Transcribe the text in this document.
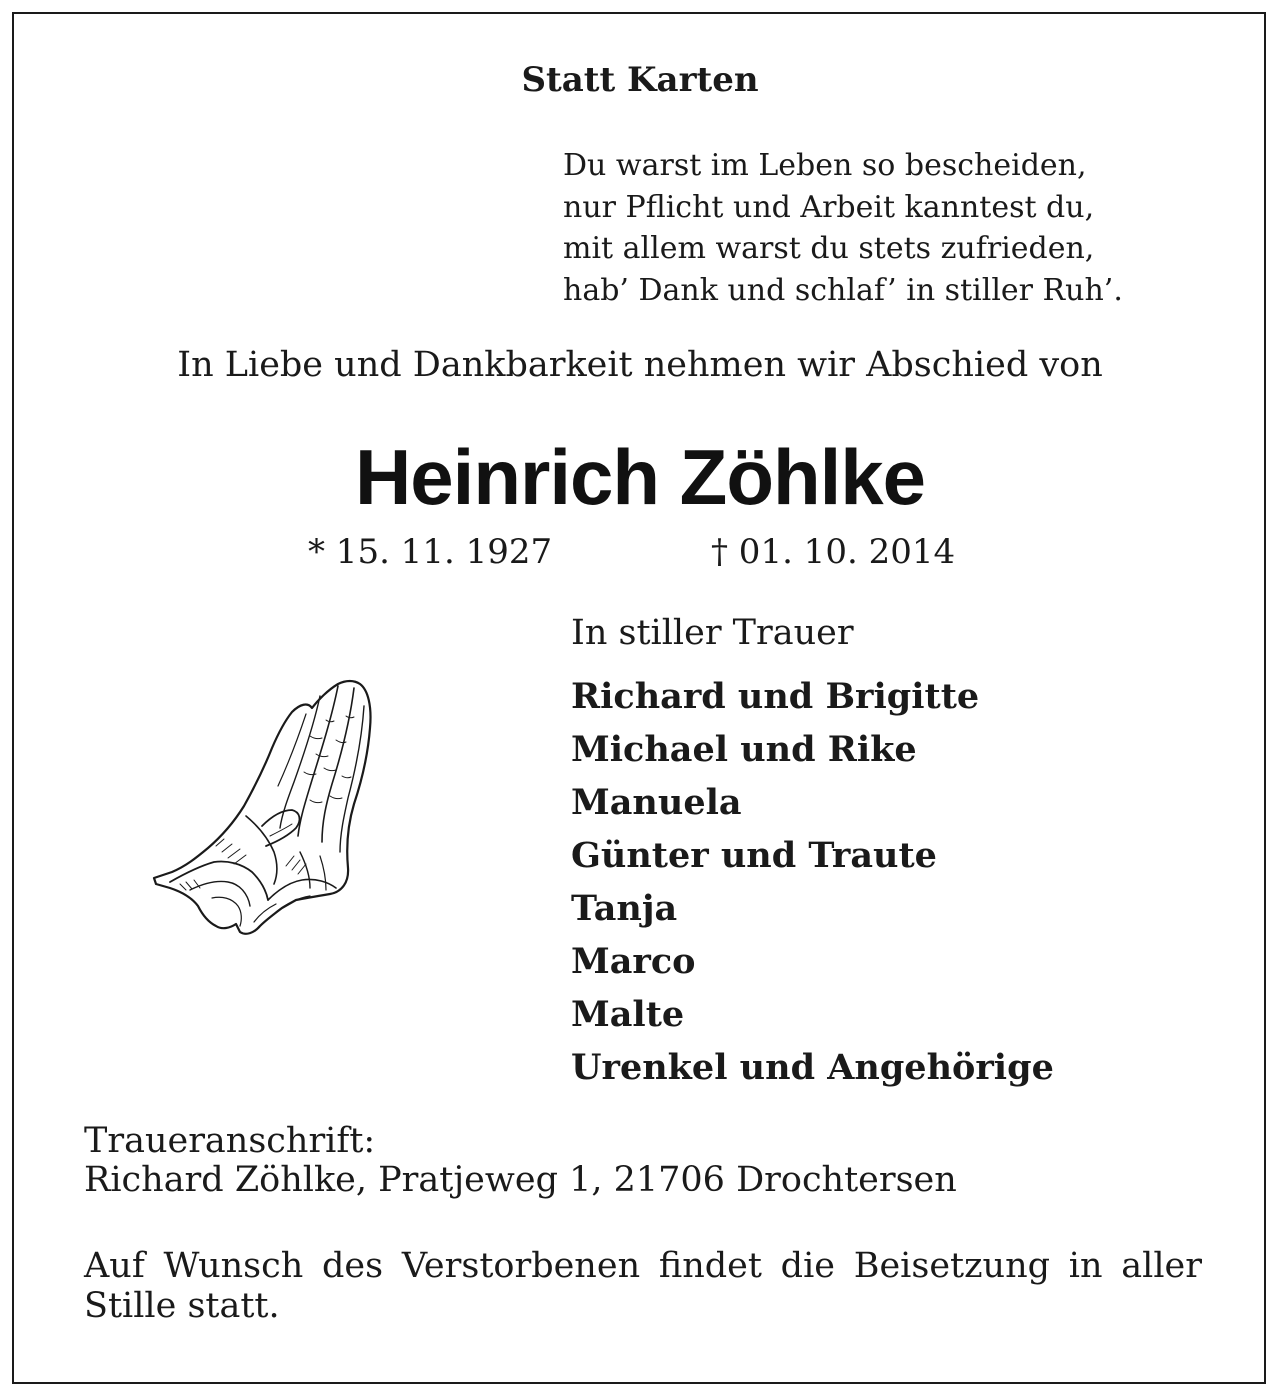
Statt Karten
Du warst im Leben so bescheiden,
nur Pflicht und Arbeit kanntest du,
mit allem warst du stets zufrieden,
hab’ Dank und schlaf’ in stiller Ruh’.
In Liebe und Dankbarkeit nehmen wir Abschied von
Heinrich Zöhlke
* 15. 11. 1927	† 01. 10. 2014
In stiller Trauer
Richard und Brigitte
Michael und Rike
Manuela
Günter und Traute
Tanja
Marco
Malte
Urenkel und Angehörige
Traueranschrift:
Richard Zöhlke, Pratjeweg 1, 21706 Drochtersen

Auf Wunsch des Verstorbenen findet die Beisetzung in aller Stille statt.
